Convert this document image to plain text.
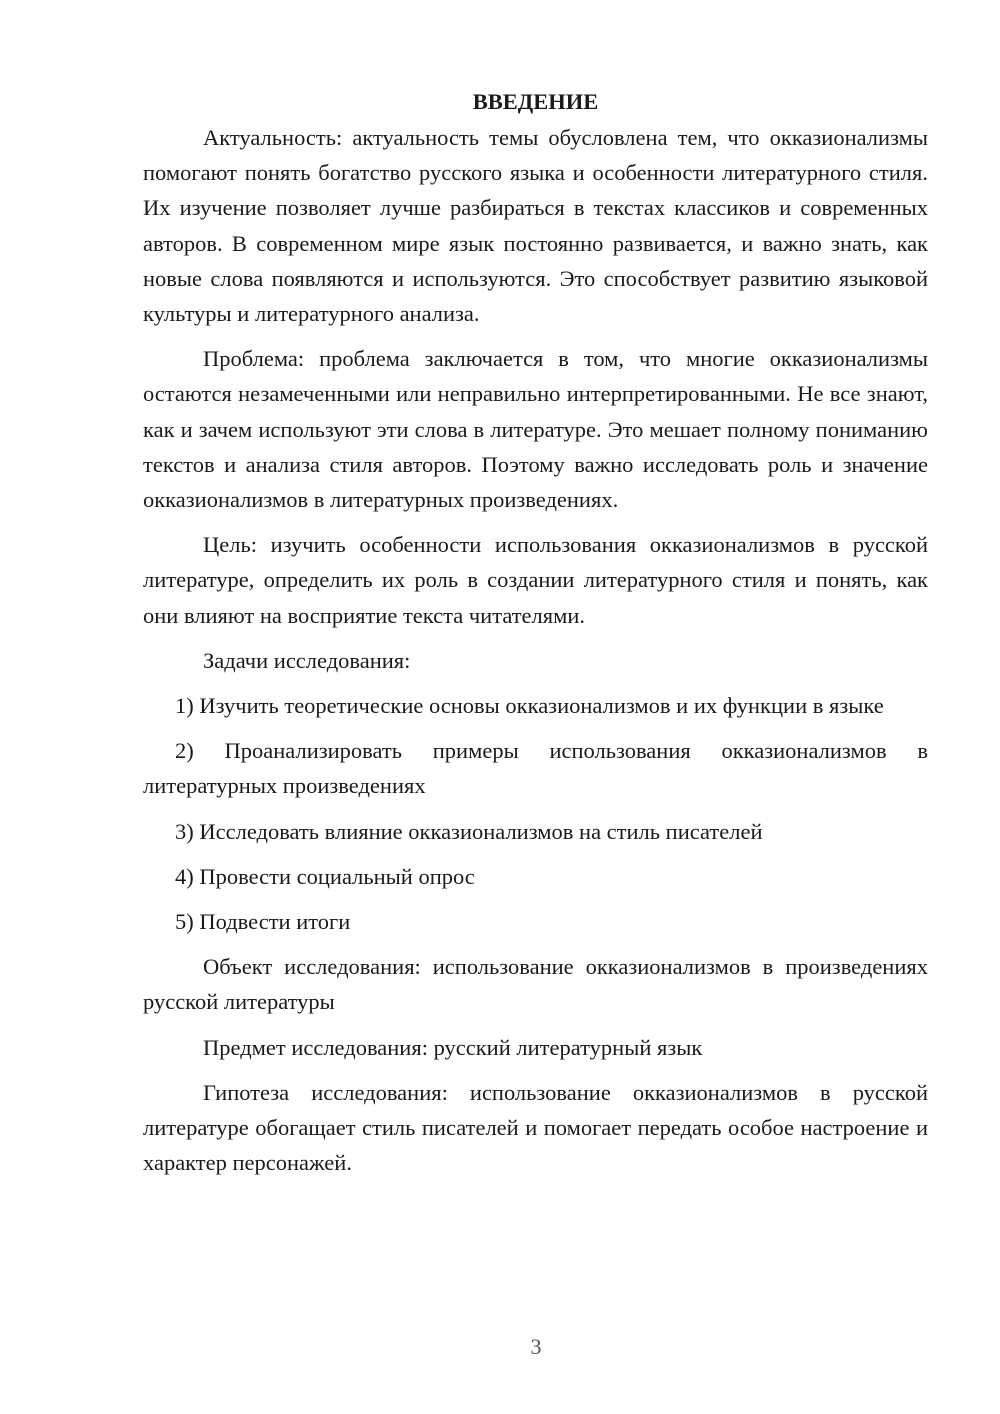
ВВЕДЕНИЕ

Актуальность: актуальность темы обусловлена тем, что окказионализмы помогают понять богатство русского языка и особенности литературного стиля. Их изучение позволяет лучше разбираться в текстах классиков и современных авторов. В современном мире язык постоянно развивается, и важно знать, как новые слова появляются и используются. Это способствует развитию языковой культуры и литературного анализа.

Проблема: проблема заключается в том, что многие окказионализмы остаются незамеченными или неправильно интерпретированными. Не все знают, как и зачем используют эти слова в литературе. Это мешает полному пониманию текстов и анализа стиля авторов. Поэтому важно исследовать роль и значение окказионализмов в литературных произведениях.

Цель: изучить особенности использования окказионализмов в русской литературе, определить их роль в создании литературного стиля и понять, как они влияют на восприятие текста читателями.

Задачи исследования:

1) Изучить теоретические основы окказионализмов и их функции в языке

2) Проанализировать примеры использования окказионализмов в литературных произведениях

3) Исследовать влияние окказионализмов на стиль писателей

4) Провести социальный опрос

5) Подвести итоги

Объект исследования: использование окказионализмов в произведениях русской литературы

Предмет исследования: русский литературный язык

Гипотеза исследования: использование окказионализмов в русской литературе обогащает стиль писателей и помогает передать особое настроение и характер персонажей.

3
